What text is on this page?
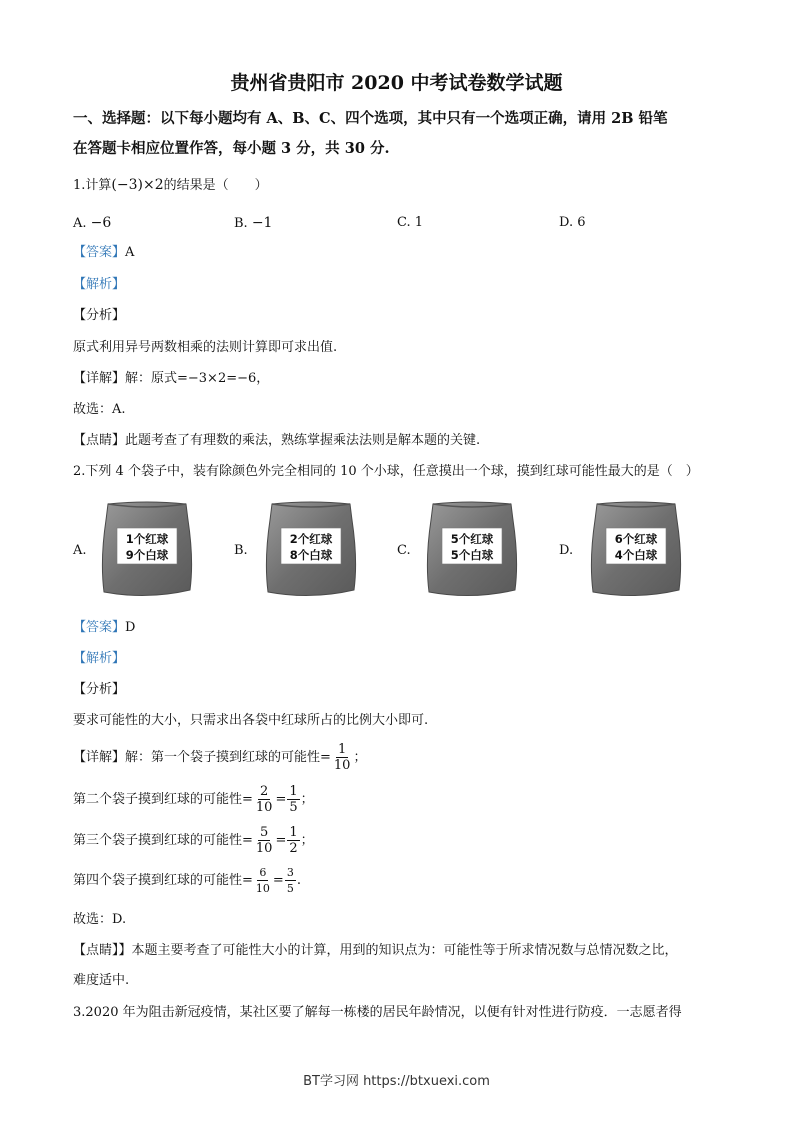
贵州省贵阳市 2020 中考试卷数学试题
一、选择题：以下每小题均有 A、B、C、四个选项，其中只有一个选项正确，请用 2B 铅笔
在答题卡相应位置作答，每小题 3 分，共 30 分.
1.计算(−3)×2的结果是（　　）
A. −6	B. −1	C. 1	D. 6
【答案】A
【解析】
【分析】
原式利用异号两数相乘的法则计算即可求出值.
【详解】解：原式=−3×2=−6，
故选：A.
【点睛】此题考查了有理数的乘法，熟练掌握乘法法则是解本题的关键.
2.下列 4 个袋子中，装有除颜色外完全相同的 10 个小球，任意摸出一个球，摸到红球可能性最大的是（　）
A.	B.	C.	D.
1个红球
9个白球
2个红球
8个白球
5个红球
5个白球
6个红球
4个白球
【答案】D
【解析】
【分析】
要求可能性的大小，只需求出各袋中红球所占的比例大小即可.
【详解】解：第一个袋子摸到红球的可能性= $\frac{1}{10}$ ；
第二个袋子摸到红球的可能性= $\frac{2}{10} = \frac{1}{5}$ ；
第三个袋子摸到红球的可能性= $\frac{5}{10} = \frac{1}{2}$ ；
第四个袋子摸到红球的可能性= $\frac{6}{10} = \frac{3}{5}$ .
故选：D.
【点睛】】本题主要考查了可能性大小的计算，用到的知识点为：可能性等于所求情况数与总情况数之比，
难度适中.
3.2020 年为阻击新冠疫情，某社区要了解每一栋楼的居民年龄情况，以便有针对性进行防疫．一志愿者得
BT学习网 https://btxuexi.com
